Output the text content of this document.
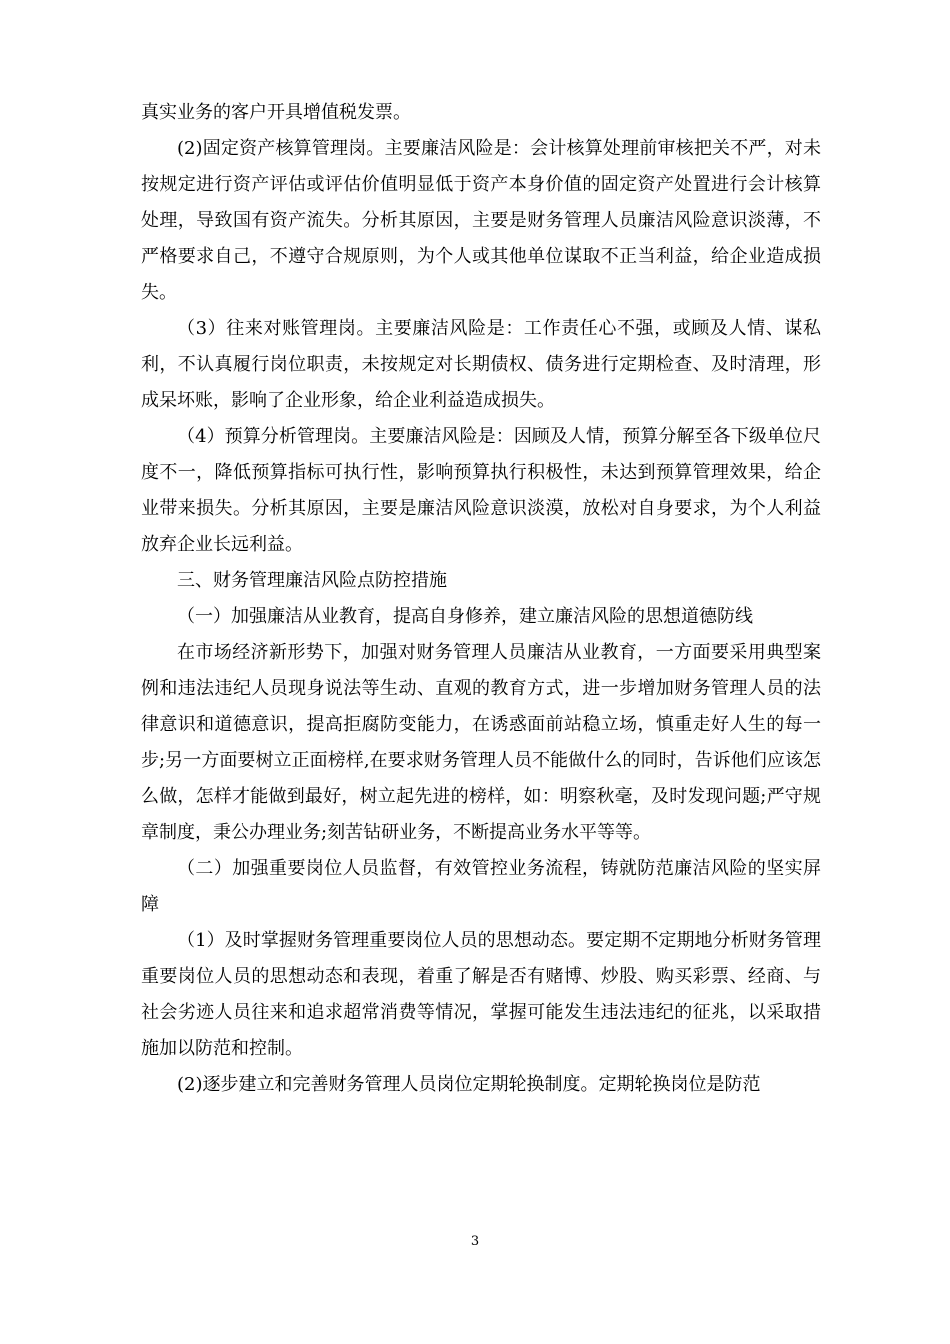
真实业务的客户开具增值税发票。

(2)固定资产核算管理岗。主要廉洁风险是：会计核算处理前审核把关不严，对未按规定进行资产评估或评估价值明显低于资产本身价值的固定资产处置进行会计核算处理，导致国有资产流失。分析其原因，主要是财务管理人员廉洁风险意识淡薄，不严格要求自己，不遵守合规原则，为个人或其他单位谋取不正当利益，给企业造成损失。

（3）往来对账管理岗。主要廉洁风险是：工作责任心不强，或顾及人情、谋私利，不认真履行岗位职责，未按规定对长期债权、债务进行定期检查、及时清理，形成呆坏账，影响了企业形象，给企业利益造成损失。

（4）预算分析管理岗。主要廉洁风险是：因顾及人情，预算分解至各下级单位尺度不一，降低预算指标可执行性，影响预算执行积极性，未达到预算管理效果，给企业带来损失。分析其原因，主要是廉洁风险意识淡漠，放松对自身要求，为个人利益放弃企业长远利益。

三、财务管理廉洁风险点防控措施

（一）加强廉洁从业教育，提高自身修养，建立廉洁风险的思想道德防线

在市场经济新形势下，加强对财务管理人员廉洁从业教育，一方面要采用典型案例和违法违纪人员现身说法等生动、直观的教育方式，进一步增加财务管理人员的法律意识和道德意识，提高拒腐防变能力，在诱惑面前站稳立场，慎重走好人生的每一步;另一方面要树立正面榜样,在要求财务管理人员不能做什么的同时，告诉他们应该怎么做，怎样才能做到最好，树立起先进的榜样，如：明察秋毫，及时发现问题;严守规章制度，秉公办理业务;刻苦钻研业务，不断提高业务水平等等。

（二）加强重要岗位人员监督，有效管控业务流程，铸就防范廉洁风险的坚实屏障

（1）及时掌握财务管理重要岗位人员的思想动态。要定期不定期地分析财务管理重要岗位人员的思想动态和表现，着重了解是否有赌博、炒股、购买彩票、经商、与社会劣迹人员往来和追求超常消费等情况，掌握可能发生违法违纪的征兆，以采取措施加以防范和控制。

(2)逐步建立和完善财务管理人员岗位定期轮换制度。定期轮换岗位是防范

3
